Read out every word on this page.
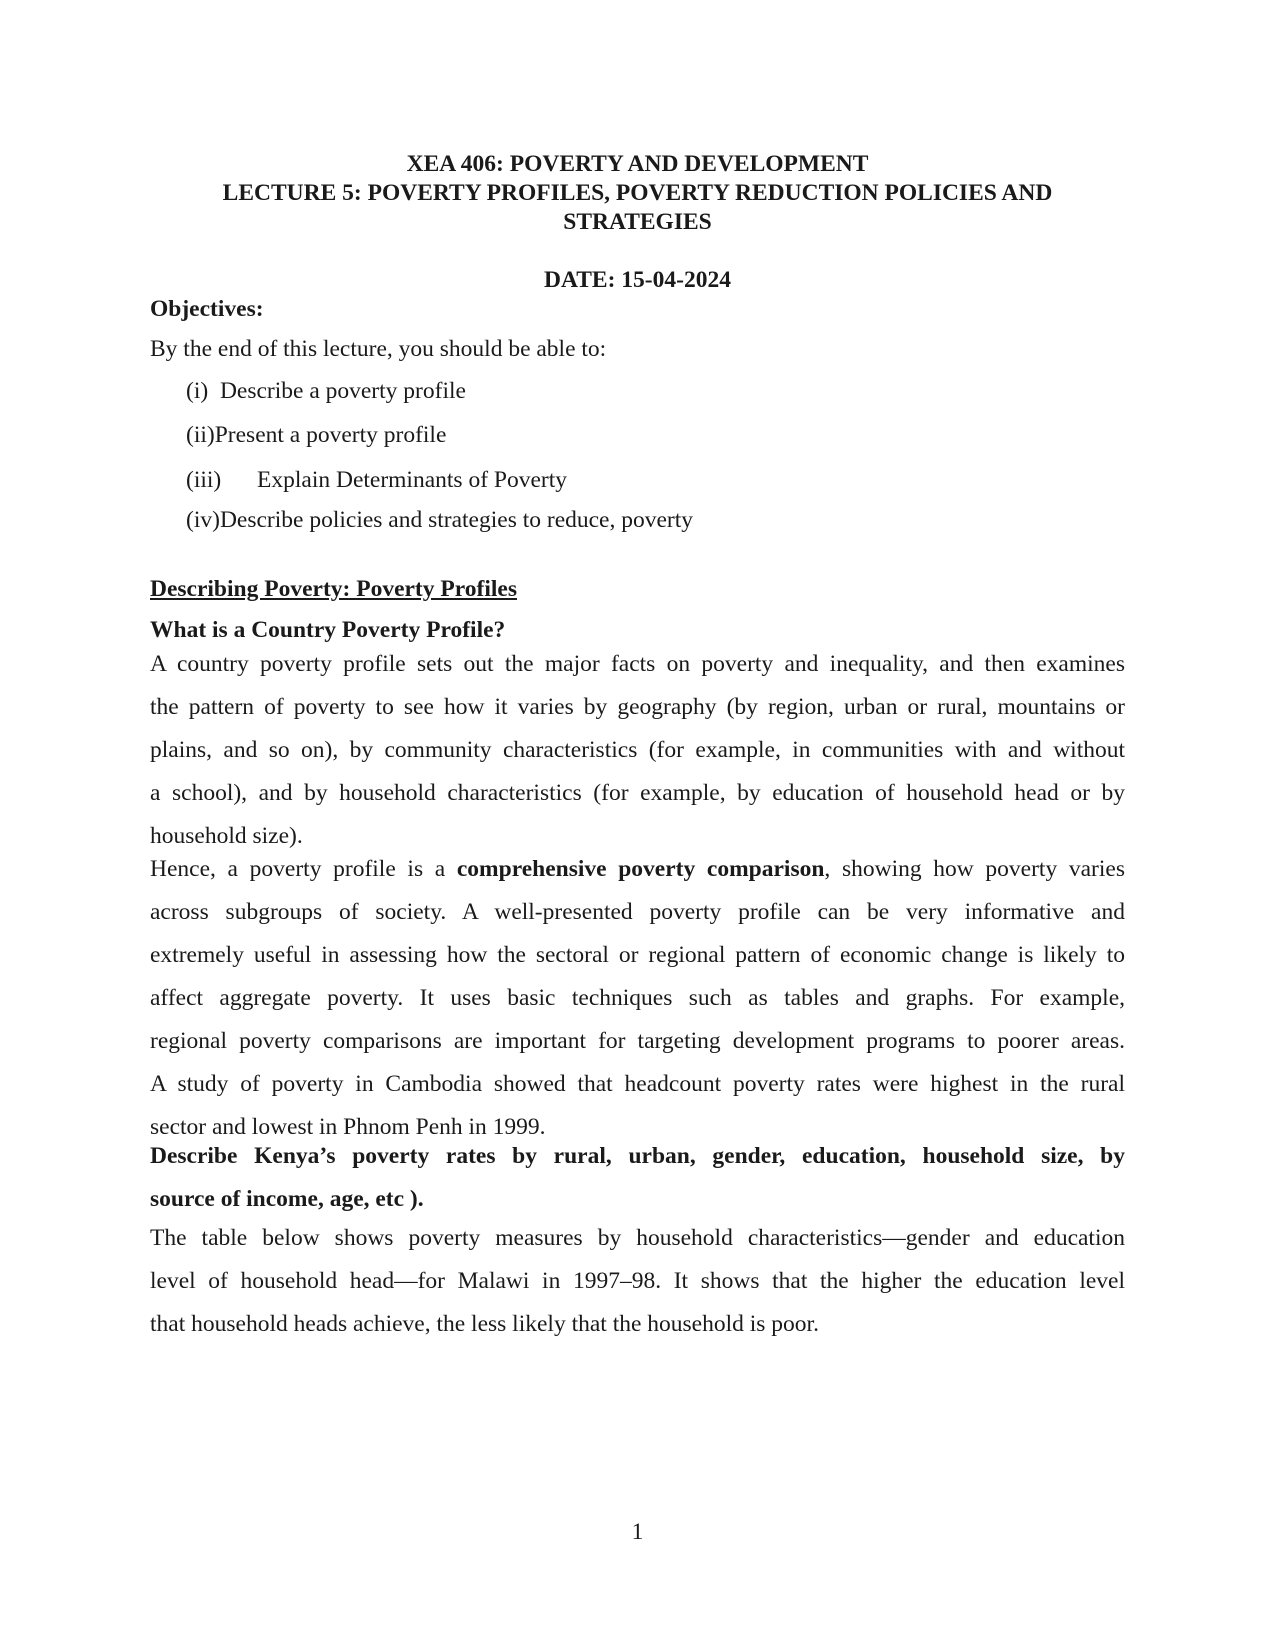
XEA 406: POVERTY AND DEVELOPMENT
LECTURE 5: POVERTY PROFILES, POVERTY REDUCTION POLICIES AND
STRATEGIES
DATE: 15-04-2024
Objectives:
By the end of this lecture, you should be able to:
(i) Describe a poverty profile
(ii)Present a poverty profile
(iii) Explain Determinants of Poverty
(iv)Describe policies and strategies to reduce, poverty
Describing Poverty: Poverty Profiles
What is a Country Poverty Profile?
A country poverty profile sets out the major facts on poverty and inequality, and then examines
the pattern of poverty to see how it varies by geography (by region, urban or rural, mountains or
plains, and so on), by community characteristics (for example, in communities with and without
a school), and by household characteristics (for example, by education of household head or by
household size).
Hence, a poverty profile is a comprehensive poverty comparison, showing how poverty varies
across subgroups of society. A well-presented poverty profile can be very informative and
extremely useful in assessing how the sectoral or regional pattern of economic change is likely to
affect aggregate poverty. It uses basic techniques such as tables and graphs. For example,
regional poverty comparisons are important for targeting development programs to poorer areas.
A study of poverty in Cambodia showed that headcount poverty rates were highest in the rural
sector and lowest in Phnom Penh in 1999.
Describe Kenya’s poverty rates by rural, urban, gender, education, household size, by
source of income, age, etc ).
The table below shows poverty measures by household characteristics—gender and education
level of household head—for Malawi in 1997–98. It shows that the higher the education level
that household heads achieve, the less likely that the household is poor.
1
